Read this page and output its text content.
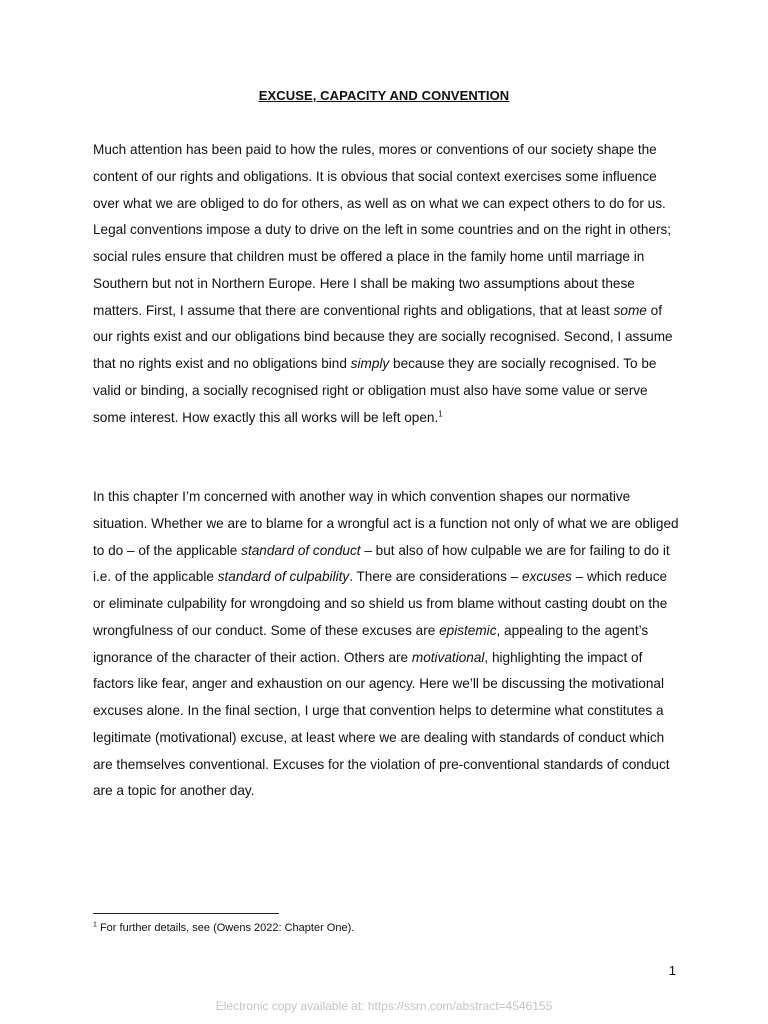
EXCUSE, CAPACITY AND CONVENTION

Much attention has been paid to how the rules, mores or conventions of our society shape the content of our rights and obligations. It is obvious that social context exercises some influence over what we are obliged to do for others, as well as on what we can expect others to do for us. Legal conventions impose a duty to drive on the left in some countries and on the right in others; social rules ensure that children must be offered a place in the family home until marriage in Southern but not in Northern Europe. Here I shall be making two assumptions about these matters. First, I assume that there are conventional rights and obligations, that at least some of our rights exist and our obligations bind because they are socially recognised. Second, I assume that no rights exist and no obligations bind simply because they are socially recognised. To be valid or binding, a socially recognised right or obligation must also have some value or serve some interest. How exactly this all works will be left open.$^1$

In this chapter I’m concerned with another way in which convention shapes our normative situation. Whether we are to blame for a wrongful act is a function not only of what we are obliged to do – of the applicable standard of conduct – but also of how culpable we are for failing to do it i.e. of the applicable standard of culpability. There are considerations – excuses – which reduce or eliminate culpability for wrongdoing and so shield us from blame without casting doubt on the wrongfulness of our conduct. Some of these excuses are epistemic, appealing to the agent’s ignorance of the character of their action. Others are motivational, highlighting the impact of factors like fear, anger and exhaustion on our agency. Here we’ll be discussing the motivational excuses alone. In the final section, I urge that convention helps to determine what constitutes a legitimate (motivational) excuse, at least where we are dealing with standards of conduct which are themselves conventional. Excuses for the violation of pre-conventional standards of conduct are a topic for another day.

$^1$ For further details, see (Owens 2022: Chapter One).
1
Electronic copy available at: https://ssrn.com/abstract=4546155
